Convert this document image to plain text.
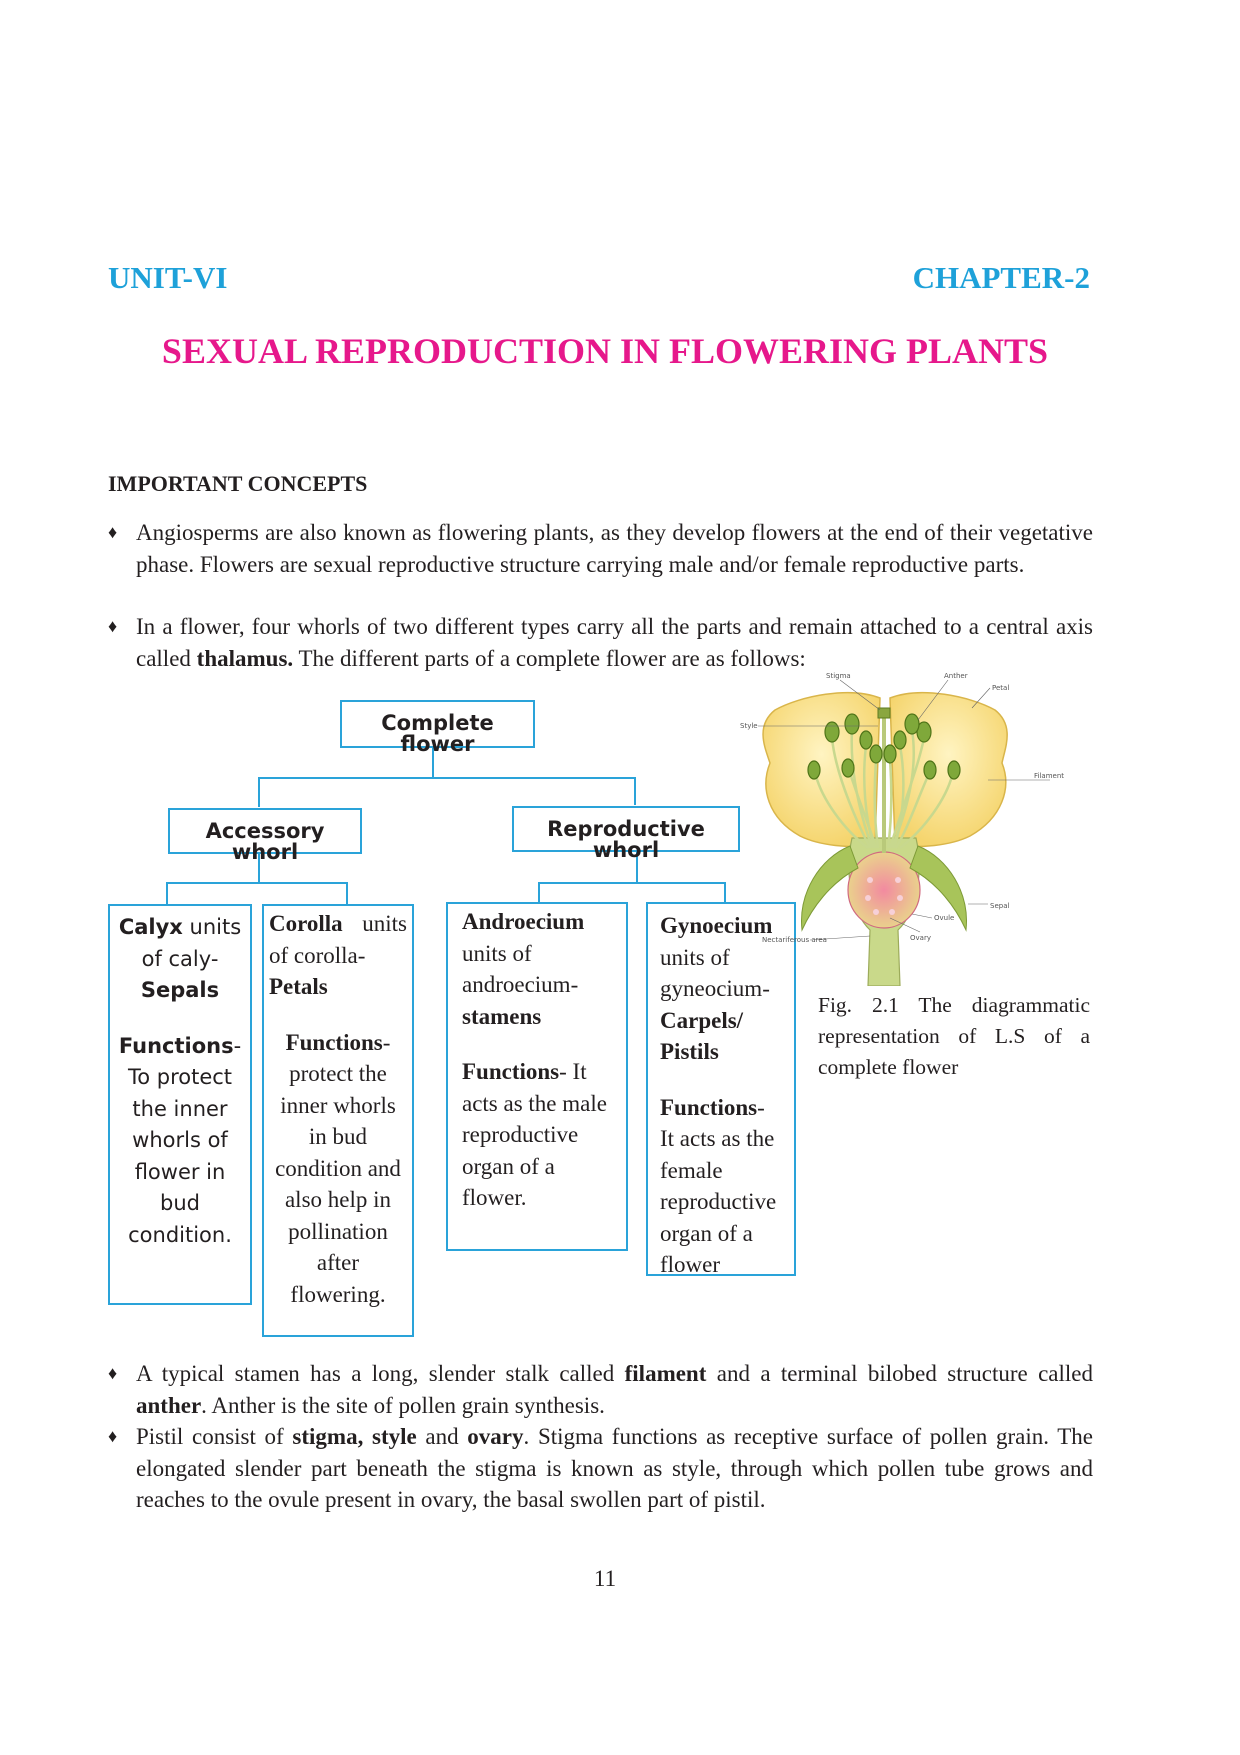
UNIT-VI	CHAPTER-2
SEXUAL REPRODUCTION IN FLOWERING PLANTS
IMPORTANT CONCEPTS
♦ Angiosperms are also known as flowering plants, as they develop flowers at the end of their vegetative phase. Flowers are sexual reproductive structure carrying male and/or female reproductive parts.
♦ In a flower, four whorls of two different types carry all the parts and remain attached to a central axis called thalamus. The different parts of a complete flower are as follows:
Complete flower
Accessory whorl
Reproductive whorl
Calyx units of caly-
Sepals
Functions-
To protect the inner whorls of flower in bud condition.
Corolla units of corolla-
Petals
Functions-
protect the inner whorls in bud condition and also help in pollination after flowering.
Androecium
units of androecium-
stamens
Functions- It acts as the male reproductive organ of a flower.
Gynoecium
units of gyneocium-
Carpels/ Pistils
Functions-
It acts as the female reproductive organ of a flower
Stigma	Anther
Petal
Style
Filament
Sepal
Ovule
Ovary
Nectariferous area
Fig. 2.1 The diagrammatic representation of L.S of a complete flower
♦ A typical stamen has a long, slender stalk called filament and a terminal bilobed structure called anther. Anther is the site of pollen grain synthesis.
♦ Pistil consist of stigma, style and ovary. Stigma functions as receptive surface of pollen grain. The elongated slender part beneath the stigma is known as style, through which pollen tube grows and reaches to the ovule present in ovary, the basal swollen part of pistil.
11
